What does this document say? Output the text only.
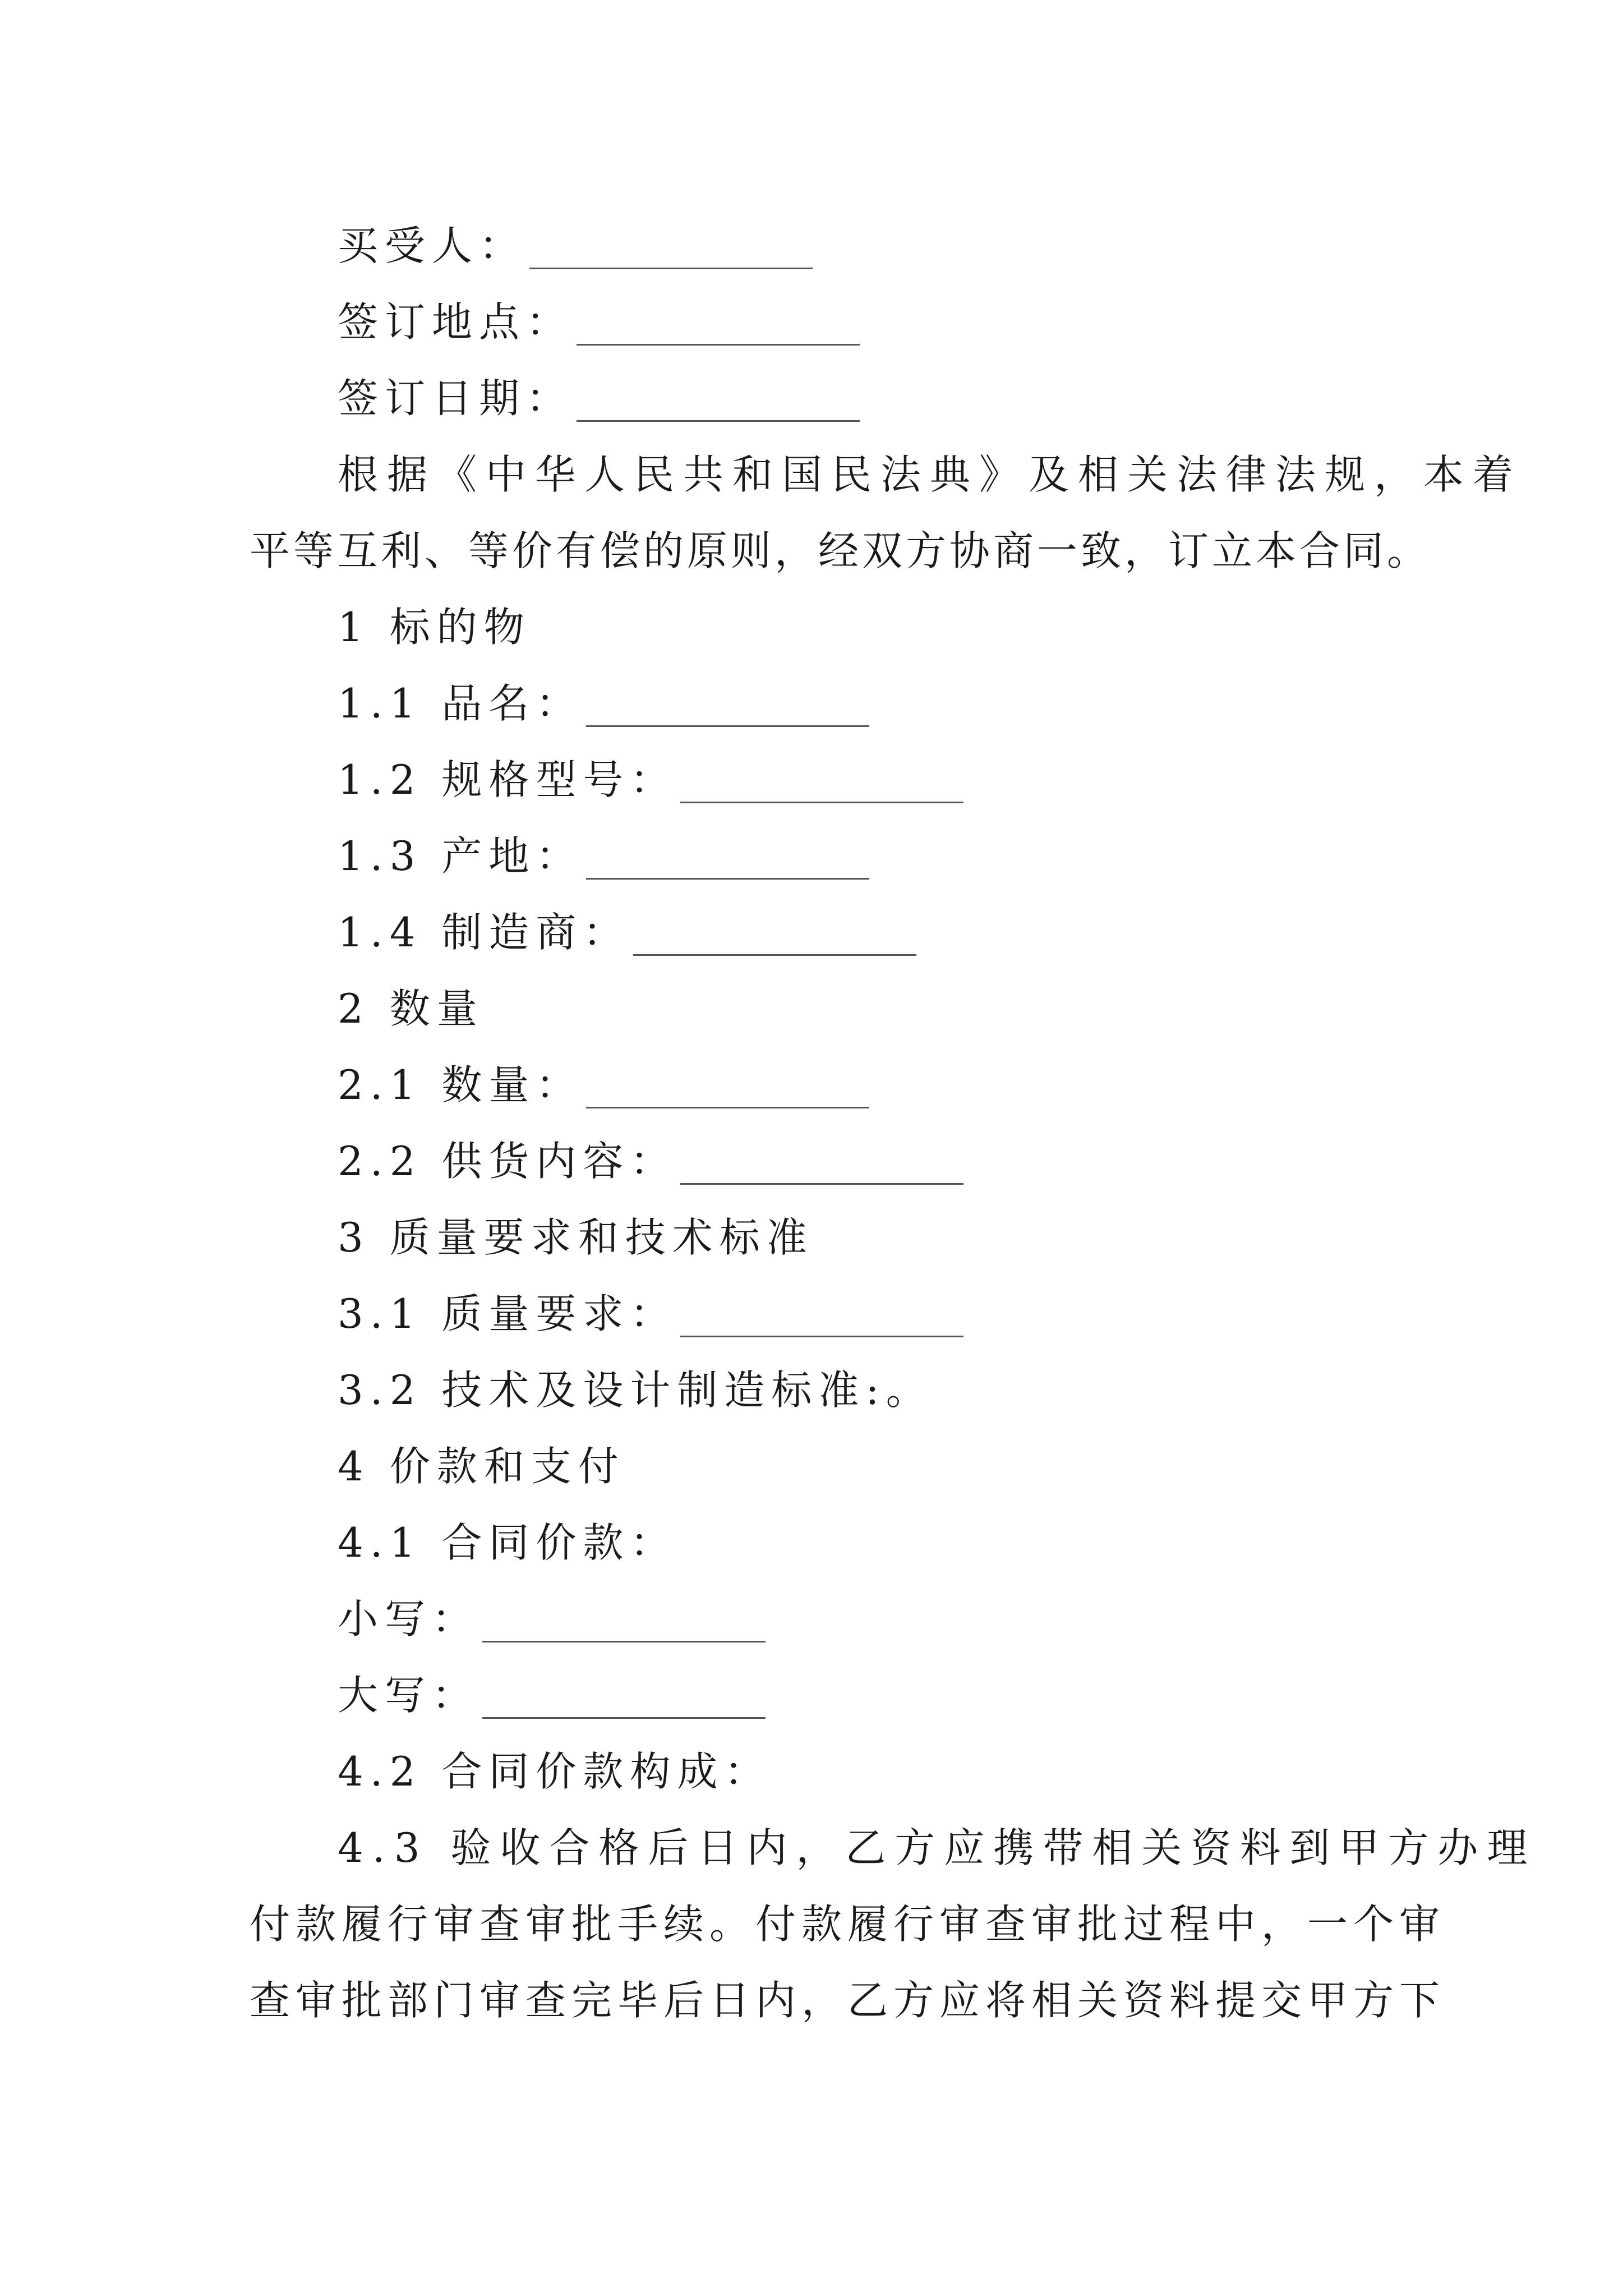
买受人：
签订地点：
签订日期：
根据《中华人民共和国民法典》及相关法律法规，本着
平等互利、等价有偿的原则，经双方协商一致，订立本合同。
1 标的物
1.1 品名：
1.2 规格型号：
1.3 产地：
1.4 制造商：
2 数量
2.1 数量：
2.2 供货内容：
3 质量要求和技术标准
3.1 质量要求：
3.2 技术及设计制造标准:。
4 价款和支付
4.1 合同价款：
小写：
大写：
4.2 合同价款构成：
4.3 验收合格后日内，乙方应携带相关资料到甲方办理
付款履行审查审批手续。付款履行审查审批过程中，一个审
查审批部门审查完毕后日内，乙方应将相关资料提交甲方下
